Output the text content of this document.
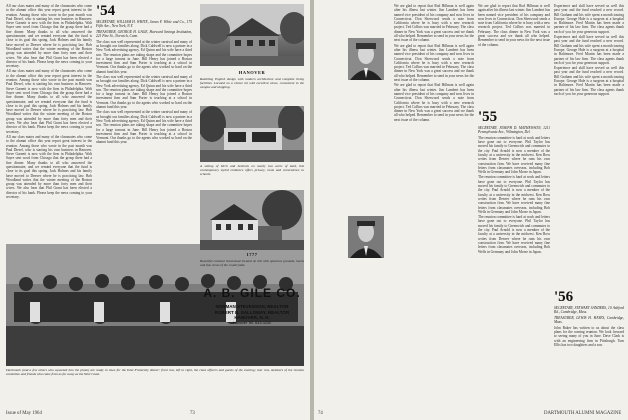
All our class mates and many of the classmates who come to the alumni office this year report great interest in the reunion. Among those who wrote in the past month was Paul Diesel, who is starting his own business in Hanover. Steve Garnett is now with the firm in Philadelphia. Walt Sayre sent word from Chicago that the group there had a fine dinner. Many thanks to all who answered the questionnaire, and we remind everyone that the fund is close to its goal this spring. Jack Holmes and his family have moved to Denver where he is practicing law. Bob Woodland writes that the winter meeting of the Boston group was attended by more than forty men and their wives. We also hear that Phil Grant has been elected a director of his bank. Please keep the news coming to your secretary.

All our class mates and many of the classmates who come to the alumni office this year report great interest in the reunion. Among those who wrote in the past month was Paul Diesel, who is starting his own business in Hanover. Steve Garnett is now with the firm in Philadelphia. Walt Sayre sent word from Chicago that the group there had a fine dinner. Many thanks to all who answered the questionnaire, and we remind everyone that the fund is close to its goal this spring. Jack Holmes and his family have moved to Denver where he is practicing law. Bob Woodland writes that the winter meeting of the Boston group was attended by more than forty men and their wives. We also hear that Phil Grant has been elected a director of his bank. Please keep the news coming to your secretary.

All our class mates and many of the classmates who come to the alumni office this year report great interest in the reunion. Among those who wrote in the past month was Paul Diesel, who is starting his own business in Hanover. Steve Garnett is now with the firm in Philadelphia. Walt Sayre sent word from Chicago that the group there had a fine dinner. Many thanks to all who answered the questionnaire, and we remind everyone that the fund is close to its goal this spring. Jack Holmes and his family have moved to Denver where he is practicing law. Bob Woodland writes that the winter meeting of the Boston group was attended by more than forty men and their wives. We also hear that Phil Grant has been elected a director of his bank. Please keep the news coming to your secretary.

'54

SECRETARY, WILLIAM H. WHITE, James F. White and Co., 175 Fifth Ave., New York, N.Y.

TREASURER, GEORGE H. GAGE, Havward Savings Institution, 221 Pine St., Norwich, Conn.

The class was well represented at the winter carnival and many of us brought our families along. Dick Caldwell is now a partner in a New York advertising agency. Ed Quinn and his wife have a third son. The reunion plans are taking shape and the committee hopes for a large turnout in June. Bill Henry has joined a Boston investment firm and Sam Porter is teaching at a school in Vermont. Our thanks go to the agents who worked so hard on the alumni fund this year.

The class was well represented at the winter carnival and many of us brought our families along. Dick Caldwell is now a partner in a New York advertising agency. Ed Quinn and his wife have a third son. The reunion plans are taking shape and the committee hopes for a large turnout in June. Bill Henry has joined a Boston investment firm and Sam Porter is teaching at a school in Vermont. Our thanks go to the agents who worked so hard on the alumni fund this year.

The class was well represented at the winter carnival and many of us brought our families along. Dick Caldwell is now a partner in a New York advertising agency. Ed Quinn and his wife have a third son. The reunion plans are taking shape and the committee hopes for a large turnout in June. Bill Henry has joined a Boston investment firm and Sam Porter is teaching at a school in Vermont. Our thanks go to the agents who worked so hard on the alumni fund this year.

HANOVER
Rambling English design with modern architecture and complete living facilities. Located on a choice lot with excellent views, convenient to the campus and shopping.
Dartmouth (and a few others who squeezed into the photo) are ready in town for the Inter-Fraternity dinner: front row, left to right, the class officers and guests of the evening; rear row, members of the reunion committee and friends who came from as far away as the West Coast.
Issue of May 1964	73

We are glad to report that Rod Hillman is well again after his illness last winter. Jim Lambert has been named vice president of his company and now lives in Connecticut. Don Sherwood sends a note from California where he is busy with a new research project. Ted Collins was married in February. The class dinner in New York was a great success and we thank all who helped. Remember to send in your news for the next issue of the column.

We are glad to report that Rod Hillman is well again after his illness last winter. Jim Lambert has been named vice president of his company and now lives in Connecticut. Don Sherwood sends a note from California where he is busy with a new research project. Ted Collins was married in February. The class dinner in New York was a great success and we thank all who helped. Remember to send in your news for the next issue of the column.

We are glad to report that Rod Hillman is well again after his illness last winter. Jim Lambert has been named vice president of his company and now lives in Connecticut. Don Sherwood sends a note from California where he is busy with a new research project. Ted Collins was married in February. The class dinner in New York was a great success and we thank all who helped. Remember to send in your news for the next issue of the column.	'55

SECRETARY, JOSEPH D. MATHEWSON, 1211 Pennsylvania Ave., Wilmington, Del.

The reunion committee is hard at work and letters have gone out to everyone. Phil Taylor has moved his family to Greenwich and commutes to the city. Paul Arnold is now a member of the faculty at a university in the midwest. Ken Ross writes from Denver where he runs his own construction firm. We have received many fine letters from classmates overseas, including Bob Wells in Germany and John Morse in Japan.

The reunion committee is hard at work and letters have gone out to everyone. Phil Taylor has moved his family to Greenwich and commutes to the city. Paul Arnold is now a member of the faculty at a university in the midwest. Ken Ross writes from Denver where he runs his own construction firm. We have received many fine letters from classmates overseas, including Bob Wells in Germany and John Morse in Japan.

The reunion committee is hard at work and letters have gone out to everyone. Phil Taylor has moved his family to Greenwich and commutes to the city. Paul Arnold is now a member of the faculty at a university in the midwest. Ken Ross writes from Denver where he runs his own construction firm. We have received many fine letters from classmates overseas, including Bob Wells in Germany and John Morse in Japan.

We are glad to report that Rod Hillman is well again after his illness last winter. Jim Lambert has been named vice president of his company and now lives in Connecticut. Don Sherwood sends a note from California where he is busy with a new research project. Ted Collins was married in February. The class dinner in New York was a great success and we thank all who helped. Remember to send in your news for the next issue of the column.

Experience and skill have served us well this past year and the fund reached a new record. Bill Graham and his wife spent a month touring Europe. George Hale is a surgeon at a hospital in Baltimore. Fred Martin has been made a partner of his law firm. The class agents thank each of you for your generous support.

Experience and skill have served us well this past year and the fund reached a new record. Bill Graham and his wife spent a month touring Europe. George Hale is a surgeon at a hospital in Baltimore. Fred Martin has been made a partner of his law firm. The class agents thank each of you for your generous support.

Experience and skill have served us well this past year and the fund reached a new record. Bill Graham and his wife spent a month touring Europe. George Hale is a surgeon at a hospital in Baltimore. Fred Martin has been made a partner of his law firm. The class agents thank each of you for your generous support.

'56

SECRETARY, STEWART SANDERS, 10 Ashford Rd., Cambridge, Mass.

TREASURER, LEWIS H. HAYES, Cambridge, Mass.

John Baker has written to us about the class plans for the coming reunion. We look forward to seeing many of you in June. Dave Clark is with an engineering firm in Pittsburgh. Tom Ellis has two daughters and a son.

DARTMOUTH ALUMNI MAGAZINE
74
A setting of birch and hemlock on nearly two acres of land, this contemporary styled residence offers privacy, room and convenience to schools.
1777
Beautiful colonial homestead located on hill with spacious grounds, barns and fine views of the countryside.
A. B. GILE CO.
NORMAN STEVENSON, REALTOR
ROBERT B. SALLOWAY, REALTOR
HANOVER, N. H.
Hanover Tel. 643-4240
